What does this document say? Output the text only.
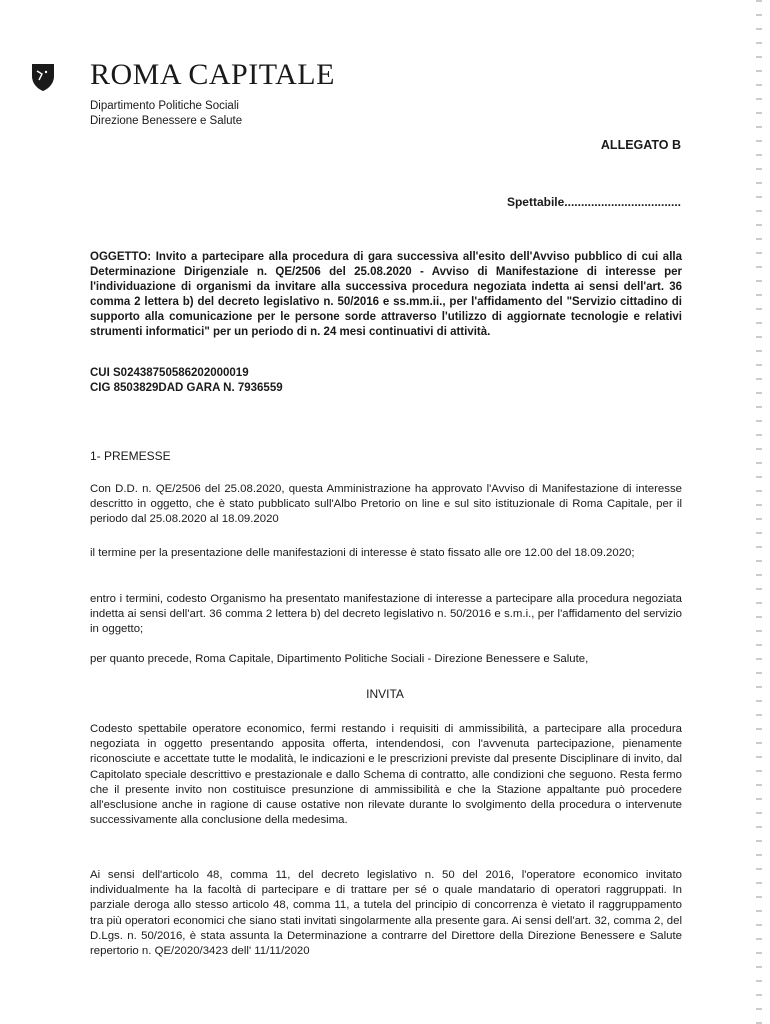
ROMA CAPITALE
Dipartimento Politiche Sociali
Direzione Benessere e Salute
ALLEGATO B
Spettabile...................................
OGGETTO: Invito a partecipare alla procedura di gara successiva all'esito dell'Avviso pubblico di cui alla Determinazione Dirigenziale n. QE/2506 del 25.08.2020 - Avviso di Manifestazione di interesse per l'individuazione di organismi da invitare alla successiva procedura negoziata indetta ai sensi dell'art. 36 comma 2 lettera b) del decreto legislativo n. 50/2016 e ss.mm.ii., per l'affidamento del "Servizio cittadino di supporto alla comunicazione per le persone sorde attraverso l'utilizzo di aggiornate tecnologie e relativi strumenti informatici" per un periodo di n. 24 mesi continuativi di attività.
CUI S02438750586202000019
CIG 8503829DAD GARA N. 7936559
1- PREMESSE
Con D.D. n. QE/2506 del 25.08.2020, questa Amministrazione ha approvato l'Avviso di Manifestazione di interesse descritto in oggetto, che è stato pubblicato sull'Albo Pretorio on line e sul sito istituzionale di Roma Capitale, per il periodo dal 25.08.2020 al 18.09.2020
il termine per la presentazione delle manifestazioni di interesse è stato fissato alle ore 12.00 del 18.09.2020;
entro i termini, codesto Organismo ha presentato manifestazione di interesse a partecipare alla procedura negoziata indetta ai sensi dell'art. 36 comma 2 lettera b) del decreto legislativo n. 50/2016 e s.m.i., per l'affidamento del servizio in oggetto;
per quanto precede, Roma Capitale, Dipartimento Politiche Sociali - Direzione Benessere e Salute,
INVITA
Codesto spettabile operatore economico, fermi restando i requisiti di ammissibilità, a partecipare alla procedura negoziata in oggetto presentando apposita offerta, intendendosi, con l'avvenuta partecipazione, pienamente riconosciute e accettate tutte le modalità, le indicazioni e le prescrizioni previste dal presente Disciplinare di invito, dal Capitolato speciale descrittivo e prestazionale e dallo Schema di contratto, alle condizioni che seguono. Resta fermo che il presente invito non costituisce presunzione di ammissibilità e che la Stazione appaltante può procedere all'esclusione anche in ragione di cause ostative non rilevate durante lo svolgimento della procedura o intervenute successivamente alla conclusione della medesima.
Ai sensi dell'articolo 48, comma 11, del decreto legislativo n. 50 del 2016, l'operatore economico invitato individualmente ha la facoltà di partecipare e di trattare per sé o quale mandatario di operatori raggruppati. In parziale deroga allo stesso articolo 48, comma 11, a tutela del principio di concorrenza è vietato il raggruppamento tra più operatori economici che siano stati invitati singolarmente alla presente gara. Ai sensi dell'art. 32, comma 2, del D.Lgs. n. 50/2016, è stata assunta la Determinazione a contrarre del Direttore della Direzione Benessere e Salute repertorio n. QE/2020/3423 dell' 11/11/2020
